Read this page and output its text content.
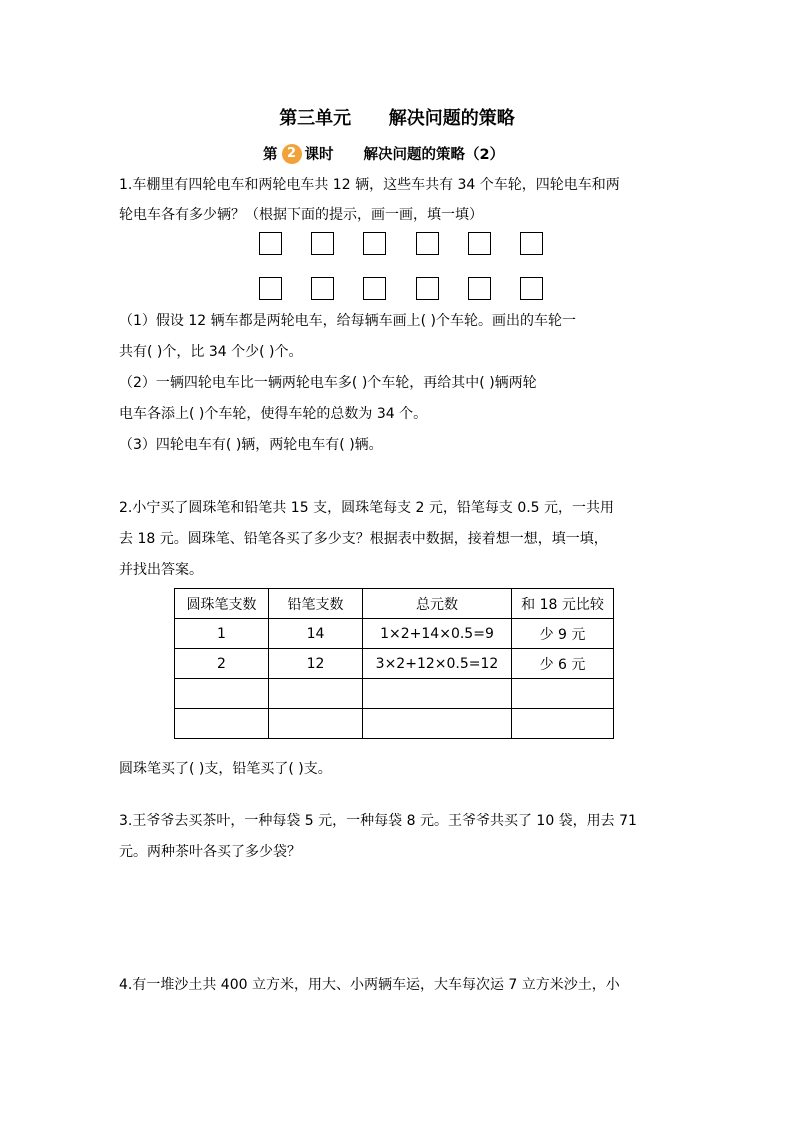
第三单元      解决问题的策略
第 2 课时 解决问题的策略（2）
1.车棚里有四轮电车和两轮电车共 12 辆，这些车共有 34 个车轮，四轮电车和两
轮电车各有多少辆？（根据下面的提示，画一画，填一填）
（1）假设 12 辆车都是两轮电车，给每辆车画上( )个车轮。画出的车轮一
共有( )个，比 34 个少( )个。
（2）一辆四轮电车比一辆两轮电车多( )个车轮，再给其中( )辆两轮
电车各添上( )个车轮，使得车轮的总数为 34 个。
（3）四轮电车有( )辆，两轮电车有( )辆。
2.小宁买了圆珠笔和铅笔共 15 支，圆珠笔每支 2 元，铅笔每支 0.5 元，一共用
去 18 元。圆珠笔、铅笔各买了多少支？根据表中数据，接着想一想，填一填，
并找出答案。
圆珠笔支数	铅笔支数	总元数	和 18 元比较
1	14	1×2+14×0.5=9	少 9 元
2	12	3×2+12×0.5=12	少 6 元

圆珠笔买了( )支，铅笔买了( )支。
3.王爷爷去买茶叶，一种每袋 5 元，一种每袋 8 元。王爷爷共买了 10 袋，用去 71
元。两种茶叶各买了多少袋？
4.有一堆沙土共 400 立方米，用大、小两辆车运，大车每次运 7 立方米沙土，小
